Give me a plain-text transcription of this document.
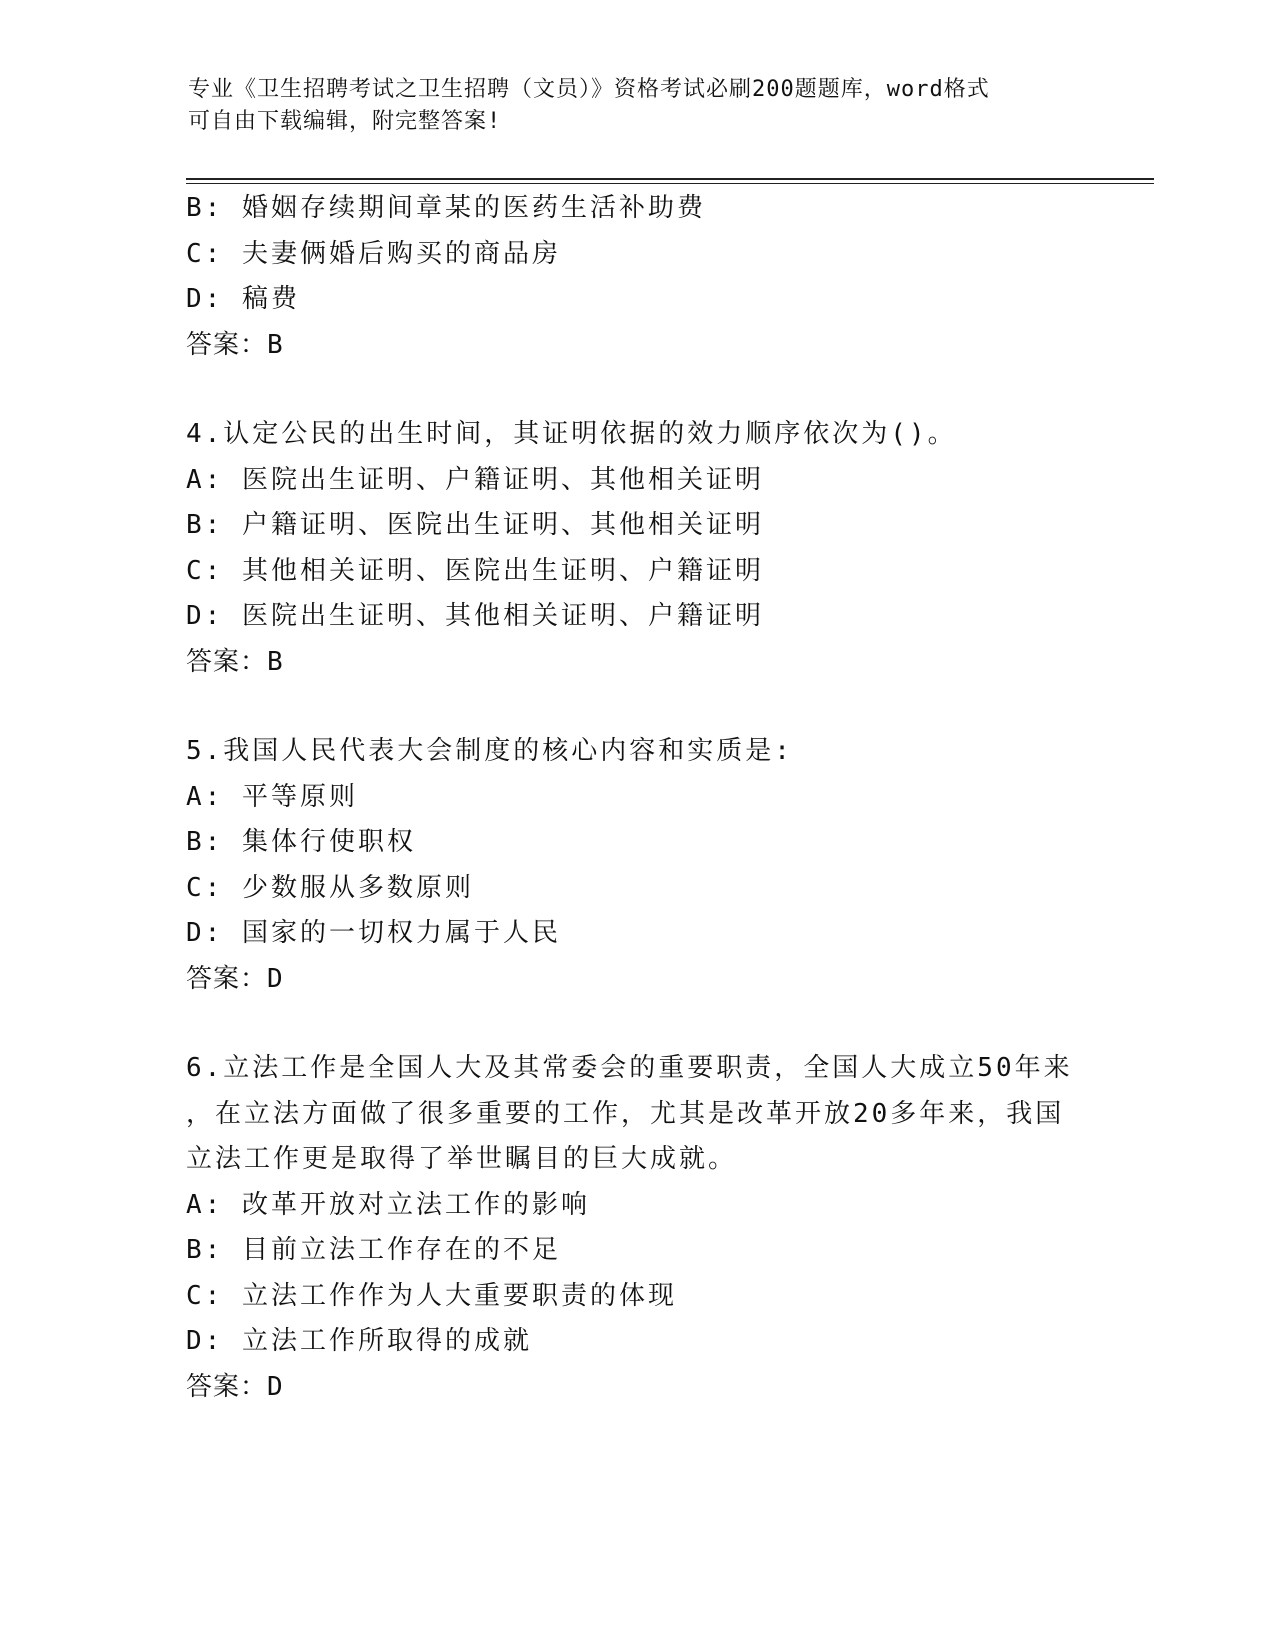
专业《卫生招聘考试之卫生招聘（文员）》资格考试必刷200题题库，word格式
可自由下载编辑，附完整答案!
B: 婚姻存续期间章某的医药生活补助费
C: 夫妻俩婚后购买的商品房
D: 稿费
答案：B
4.认定公民的出生时间，其证明依据的效力顺序依次为()。
A: 医院出生证明、户籍证明、其他相关证明
B: 户籍证明、医院出生证明、其他相关证明
C: 其他相关证明、医院出生证明、户籍证明
D: 医院出生证明、其他相关证明、户籍证明
答案：B
5.我国人民代表大会制度的核心内容和实质是:
A: 平等原则
B: 集体行使职权
C: 少数服从多数原则
D: 国家的一切权力属于人民
答案：D
6.立法工作是全国人大及其常委会的重要职责，全国人大成立50年来
，在立法方面做了很多重要的工作，尤其是改革开放20多年来，我国
立法工作更是取得了举世瞩目的巨大成就。
A: 改革开放对立法工作的影响
B: 目前立法工作存在的不足
C: 立法工作作为人大重要职责的体现
D: 立法工作所取得的成就
答案：D
